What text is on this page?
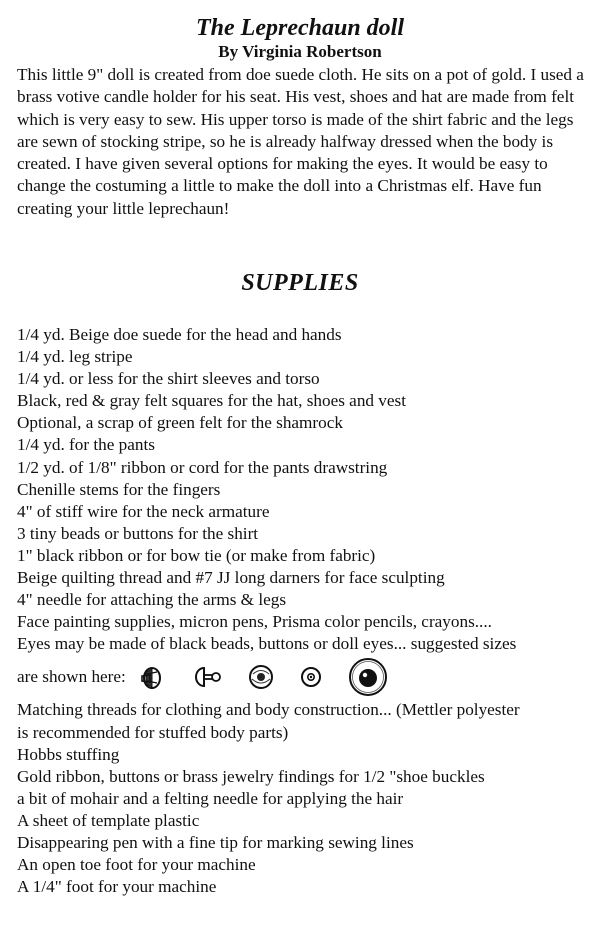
The Leprechaun doll
By Virginia Robertson

This little 9" doll is created from doe suede cloth. He sits on a pot of gold. I used a brass votive candle holder for his seat. His vest, shoes and hat are made from felt which is very easy to sew. His upper torso is made of the shirt fabric and the legs are sewn of stocking stripe, so he is already halfway dressed when the body is created. I have given several options for making the eyes. It would be easy to change the costuming a little to make the doll into a Christmas elf. Have fun creating your little leprechaun!

SUPPLIES
1/4 yd. Beige doe suede for the head and hands
1/4 yd. leg stripe
1/4 yd. or less for the shirt sleeves and torso
Black, red & gray felt squares for the hat, shoes and vest
Optional, a scrap of green felt for the shamrock
1/4 yd. for the pants
1/2 yd. of 1/8" ribbon or cord for the pants drawstring
Chenille stems for the fingers
4" of stiff wire for the neck armature
3 tiny beads or buttons for the shirt
1" black ribbon or for bow tie (or make from fabric)
Beige quilting thread and #7 JJ long darners for face sculpting
4" needle for attaching the arms & legs
Face painting supplies, micron pens, Prisma color pencils, crayons....
Eyes may be made of black beads, buttons or doll eyes... suggested sizes
are shown here:
Matching threads for clothing and body construction... (Mettler polyester
is recommended for stuffed body parts)
Hobbs stuffing
Gold ribbon, buttons or brass jewelry findings for 1/2 "shoe buckles
a bit of mohair and a felting needle for applying the hair
A sheet of template plastic
Disappearing pen with a fine tip for marking sewing lines
An open toe foot for your machine
A 1/4" foot for your machine
